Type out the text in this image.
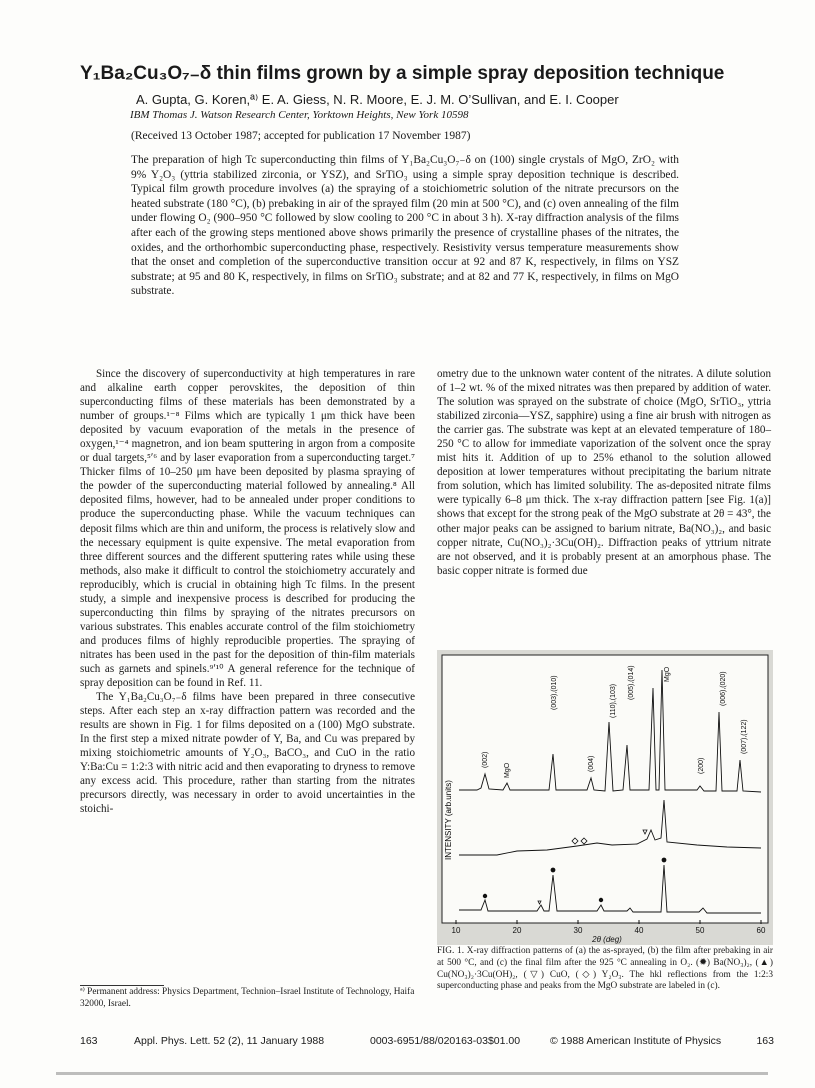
Y₁Ba₂Cu₃O₇₋δ thin films grown by a simple spray deposition technique
A. Gupta, G. Koren,ª⁾ E. A. Giess, N. R. Moore, E. J. M. O’Sullivan, and E. I. Cooper
IBM Thomas J. Watson Research Center, Yorktown Heights, New York 10598
(Received 13 October 1987; accepted for publication 17 November 1987)
The preparation of high Tc superconducting thin films of Y₁Ba₂Cu₃O₇₋δ on (100) single crystals of MgO, ZrO₂ with 9% Y₂O₃ (yttria stabilized zirconia, or YSZ), and SrTiO₃ using a simple spray deposition technique is described. Typical film growth procedure involves (a) the spraying of a stoichiometric solution of the nitrate precursors on the heated substrate (180 °C), (b) prebaking in air of the sprayed film (20 min at 500 °C), and (c) oven annealing of the film under flowing O₂ (900–950 °C followed by slow cooling to 200 °C in about 3 h). X-ray diffraction analysis of the films after each of the growing steps mentioned above shows primarily the presence of crystalline phases of the nitrates, the oxides, and the orthorhombic superconducting phase, respectively. Resistivity versus temperature measurements show that the onset and completion of the superconductive transition occur at 92 and 87 K, respectively, in films on YSZ substrate; at 95 and 80 K, respectively, in films on SrTiO₃ substrate; and at 82 and 77 K, respectively, in films on MgO substrate.

Since the discovery of superconductivity at high temperatures in rare and alkaline earth copper perovskites, the deposition of thin superconducting films of these materials has been demonstrated by a number of groups.¹⁻⁸ Films which are typically 1 μm thick have been deposited by vacuum evaporation of the metals in the presence of oxygen,¹⁻⁴ magnetron, and ion beam sputtering in argon from a composite or dual targets,⁵ʹ⁶ and by laser evaporation from a superconducting target.⁷ Thicker films of 10–250 μm have been deposited by plasma spraying of the powder of the superconducting material followed by annealing.⁸ All deposited films, however, had to be annealed under proper conditions to produce the superconducting phase. While the vacuum techniques can deposit films which are thin and uniform, the process is relatively slow and the necessary equipment is quite expensive. The metal evaporation from three different sources and the different sputtering rates while using these methods, also make it difficult to control the stoichiometry accurately and reproducibly, which is crucial in obtaining high Tc films. In the present study, a simple and inexpensive process is described for producing the superconducting thin films by spraying of the nitrates precursors on various substrates. This enables accurate control of the film stoichiometry and produces films of highly reproducible properties. The spraying of nitrates has been used in the past for the deposition of thin-film materials such as garnets and spinels.⁹ʹ¹⁰ A general reference for the technique of spray deposition can be found in Ref. 11.

The Y₁Ba₂Cu₃O₇₋δ films have been prepared in three consecutive steps. After each step an x-ray diffraction pattern was recorded and the results are shown in Fig. 1 for films deposited on a (100) MgO substrate. In the first step a mixed nitrate powder of Y, Ba, and Cu was prepared by mixing stoichiometric amounts of Y₂O₃, BaCO₃, and CuO in the ratio Y:Ba:Cu = 1:2:3 with nitric acid and then evaporating to dryness to remove any excess acid. This procedure, rather than starting from the nitrates precursors directly, was necessary in order to avoid uncertainties in the stoichi-

ª⁾ Permanent address: Physics Department, Technion–Israel Institute of Technology, Haifa 32000, Israel.

ometry due to the unknown water content of the nitrates. A dilute solution of 1–2 wt. % of the mixed nitrates was then prepared by addition of water. The solution was sprayed on the substrate of choice (MgO, SrTiO₃, yttria stabilized zirconia—YSZ, sapphire) using a fine air brush with nitrogen as the carrier gas. The substrate was kept at an elevated temperature of 180–250 °C to allow for immediate vaporization of the solvent once the spray mist hits it. Addition of up to 25% ethanol to the solution allowed deposition at lower temperatures without precipitating the barium nitrate from solution, which has limited solubility. The as-deposited nitrate films were typically 6–8 μm thick. The x-ray diffraction pattern [see Fig. 1(a)] shows that except for the strong peak of the MgO substrate at 2θ = 43°, the other major peaks can be assigned to barium nitrate, Ba(NO₃)₂, and basic copper nitrate, Cu(NO₃)₂·3Cu(OH)₂. Diffraction peaks of yttrium nitrate are not observed, and it is probably present at an amorphous phase. The basic copper nitrate is formed due

INTENSITY (arb.units)
10	20	30	40	50	60
2θ (deg)
(002)
MgO
(003),(010)
(004)
(110),(103)
(005),(014)	MgO
(200)
(006),(020)
(007),(122)
FIG. 1. X-ray diffraction patterns of (a) the as-sprayed, (b) the film after prebaking in air at 500 °C, and (c) the final film after the 925 °C annealing in O₂. (✹) Ba(NO₃)₂, (▲) Cu(NO₃)₂·3Cu(OH)₂, (▽) CuO, (◇) Y₂O₃. The hkl reflections from the 1:2:3 superconducting phase and peaks from the MgO substrate are labeled in (c).
163	Appl. Phys. Lett. 52 (2), 11 January 1988	0003-6951/88/020163-03$01.00	© 1988 American Institute of Physics	163
